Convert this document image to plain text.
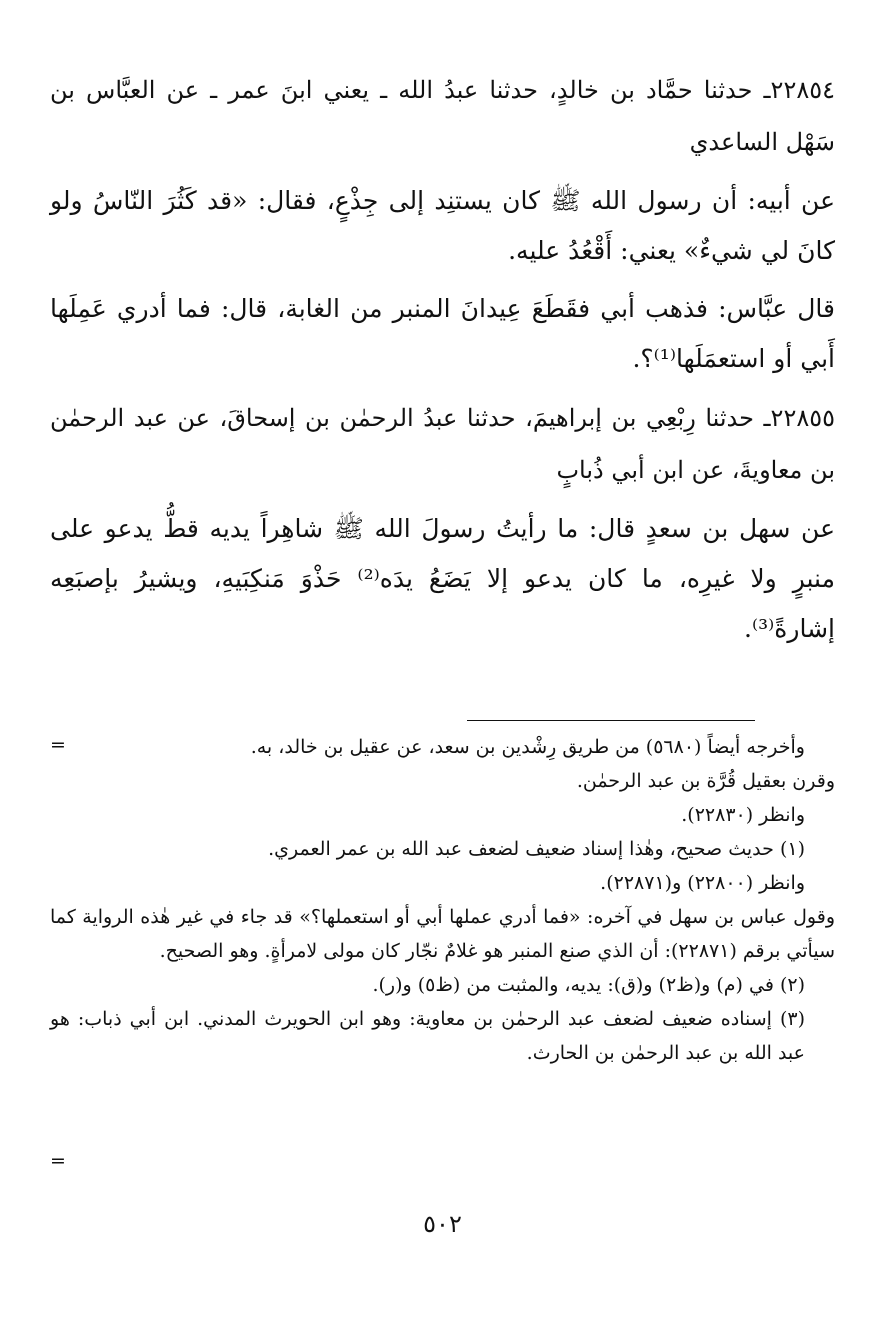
٢٢٨٥٤ـ حدثنا حمَّاد بن خالدٍ، حدثنا عبدُ الله ـ يعني ابنَ عمر ـ عن العبَّاس بن سَهْل الساعدي

عن أبيه: أن رسول الله ﷺ كان يستنِد إلى جِذْعٍ، فقال: «قد كَثُرَ النّاسُ ولو كانَ لي شيءٌ» يعني: أَقْعُدُ عليه.

قال عبَّاس: فذهب أبي فقَطَعَ عِيدانَ المنبر من الغابة، قال: فما أدري عَمِلَها أَبي أو استعمَلَها⁽¹⁾؟.

٢٢٨٥٥ـ حدثنا رِبْعِي بن إبراهيمَ، حدثنا عبدُ الرحمٰن بن إسحاقَ، عن عبد الرحمٰن بن معاويةَ، عن ابن أبي ذُبابٍ

عن سهل بن سعدٍ قال: ما رأيتُ رسولَ الله ﷺ شاهِراً يديه قطُّ يدعو على منبرٍ ولا غيرِه، ما كان يدعو إلا يَضَعُ يدَه⁽²⁾ حَذْوَ مَنكِبَيهِ، ويشيرُ بإصبَعِه إشارةً⁽³⁾.

=	وأخرجه أيضاً (٥٦٨٠) من طريق رِشْدين بن سعد، عن عقيل بن خالد، به.

وقرن بعقيل قُرَّة بن عبد الرحمٰن.

وانظر (٢٢٨٣٠).

(١) حديث صحيح، وهٰذا إسناد ضعيف لضعف عبد الله بن عمر العمري.

وانظر (٢٢٨٠٠) و(٢٢٨٧١).

وقول عباس بن سهل في آخره: «فما أدري عملها أبي أو استعملها؟» قد جاء في غير هٰذه الرواية كما سيأتي برقم (٢٢٨٧١): أن الذي صنع المنبر هو غلامٌ نجّار كان مولى لامرأةٍ. وهو الصحيح.

(٢) في (م) و(ظ٢) و(ق): يديه، والمثبت من (ظ٥) و(ر).

(٣) إسناده ضعيف لضعف عبد الرحمٰن بن معاوية: وهو ابن الحويرث المدني. ابن أبي ذباب: هو عبد الله بن عبد الرحمٰن بن الحارث.

=
٥٠٢
